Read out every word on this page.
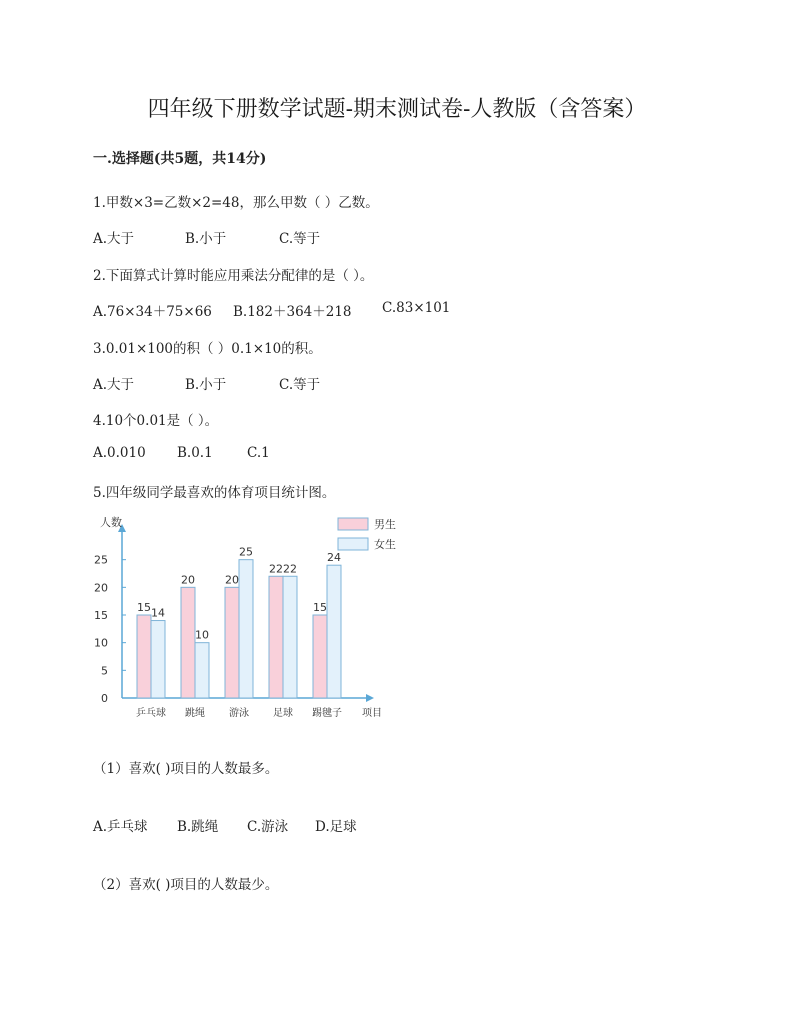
四年级下册数学试题-期末测试卷-人教版（含答案）
一.选择题(共5题，共14分)
1.甲数×3=乙数×2=48，那么甲数（ ）乙数。
A.大于	B.小于	C.等于
2.下面算式计算时能应用乘法分配律的是（ ）。
A.76×34＋75×66 B.182＋364＋218 C.83×101
3.0.01×100的积（ ）0.1×10的积。
A.大于	B.小于	C.等于
4.10个0.01是（ ）。
A.0.010 B.0.1	C.1
5.四年级同学最喜欢的体育项目统计图。
人数
项目
0
5
10
15
20
25
15 14
乒乓球
20
10
跳绳
20
25
游泳
22 22
足球
15
24
踢毽子
男生
女生
（1）喜欢( )项目的人数最多。
A.乒乓球 B.跳绳 C.游泳 D.足球
（2）喜欢( )项目的人数最少。
